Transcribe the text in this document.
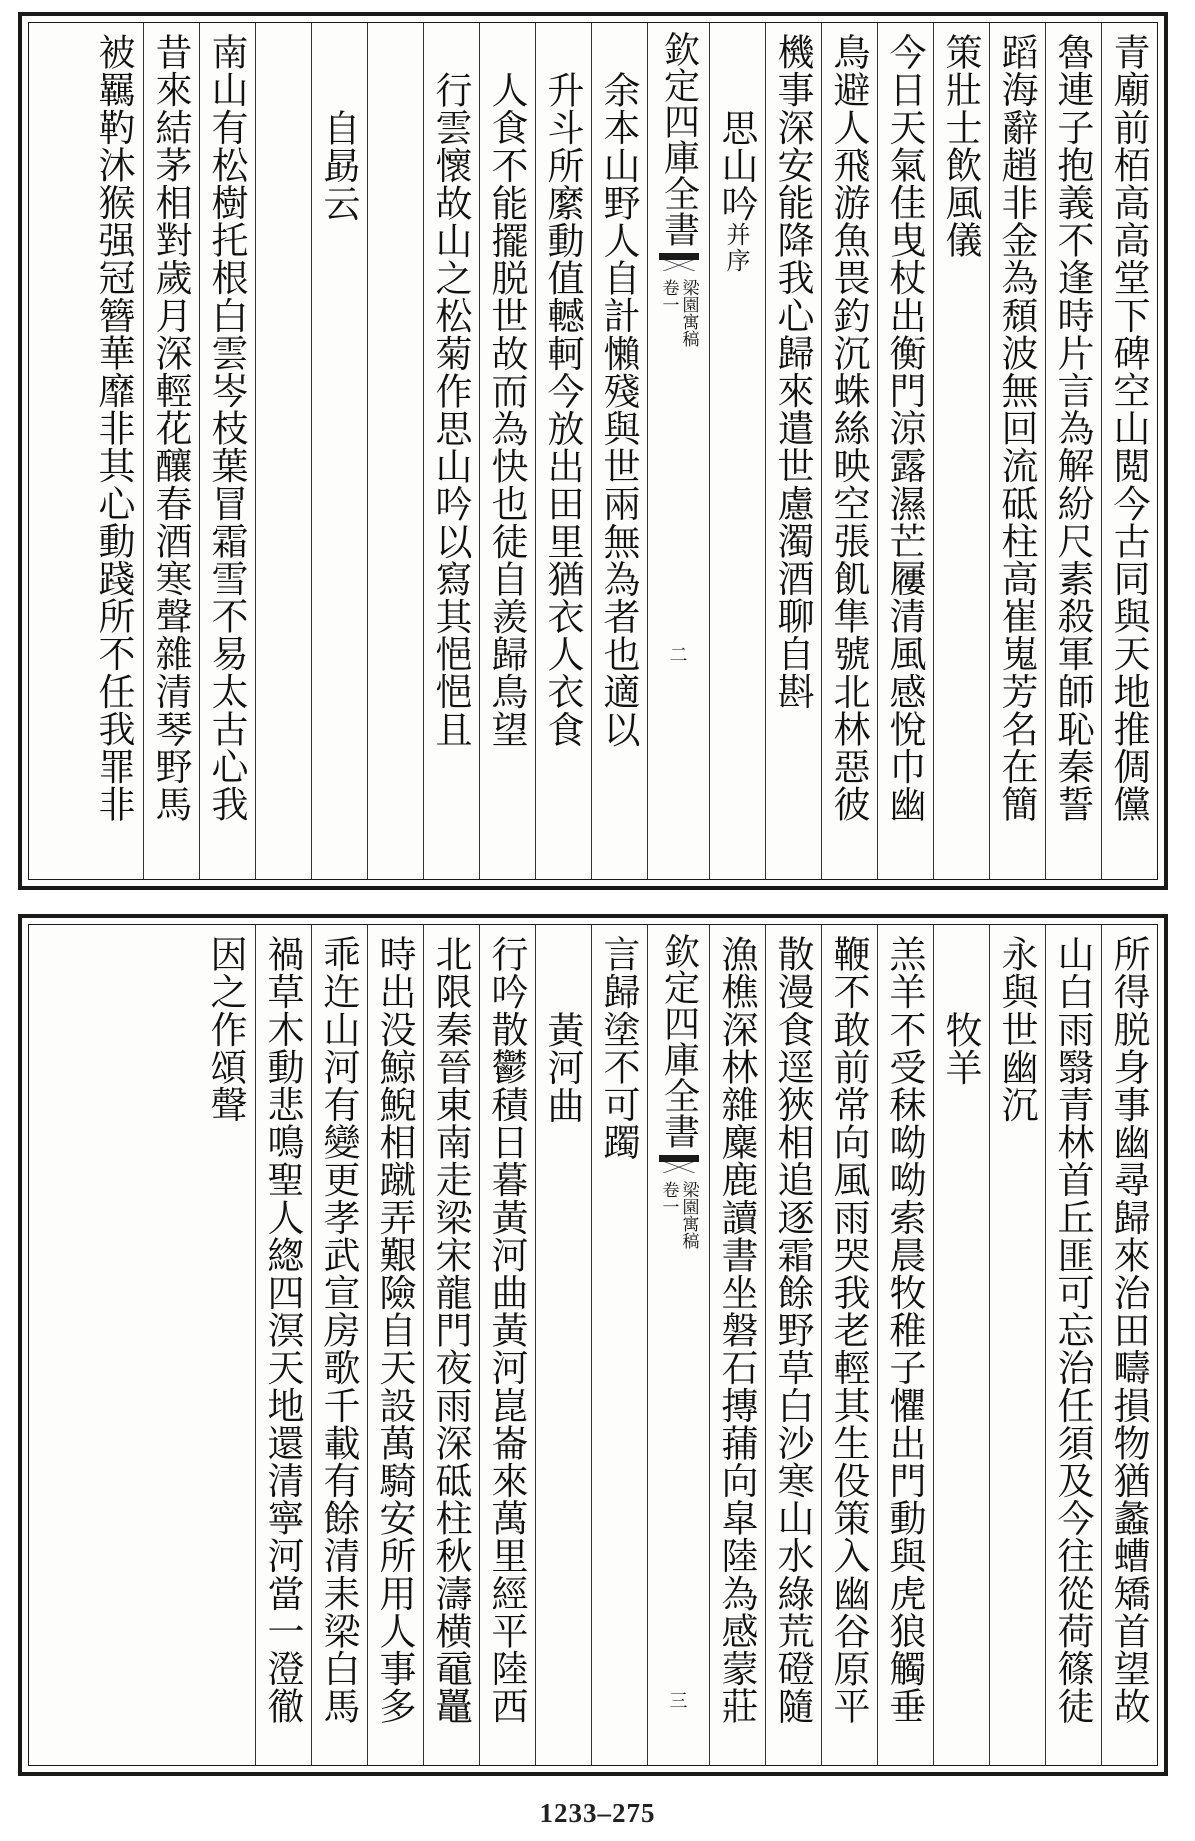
青廟前栢高高堂下碑空山閲今古同與天地推倜儻
魯連子抱義不逢時片言為解紛尺素殺軍師恥秦誓
蹈海辭趙非金為頹波無回流砥柱高崔嵬芳名在簡
策壯士飲風儀
今日天氣佳曳杖出衡門涼露濕芒屨清風感悅巾幽
鳥避人飛游魚畏釣沉蛛絲映空張飢隼號北林惡彼
機事深安能降我心歸來遣世慮濁酒聊自斟
思山吟并序
欽定四庫全書
梁園寓稿
卷一
二
余本山野人自計懶殘與世兩無為者也適以
升斗所縻動值轗軻今放出田里猶衣人衣食
人食不能擺脱世故而為快也徒自羨歸鳥望
行雲懷故山之松菊作思山吟以寫其悒悒且
自勗云
南山有松樹托根白雲岑枝葉冒霜雪不易太古心我
昔來結茅相對歲月深輕花釀春酒寒聲雜清琴野馬
被羈靮沐猴强冠簪華靡非其心動踐所不任我罪非
所得脱身事幽尋歸來治田疇損物猶蠡螬矯首望故
山白雨翳青林首丘匪可忘治任須及今往從荷篠徒
永與世幽沉
牧羊
羔羊不受秣呦呦索晨牧稚子懼出門動與虎狼觸垂
鞭不敢前常向風雨哭我老輕其生伇策入幽谷原平
散漫食逕狹相追逐霜餘野草白沙寒山水綠荒磴隨
漁樵深林雜麋鹿讀書坐磐石摶蒱向皐陸為感蒙莊
欽定四庫全書
梁園寓稿
卷一
三
言歸塗不可躅
黃河曲
行吟散鬱積日暮黃河曲黃河崑崙來萬里經平陸西
北限秦晉東南走梁宋龍門夜雨深砥柱秋濤横黿鼉
時出没鯨鯢相蹴弄艱險自天設萬騎安所用人事多
乖迕山河有變更孝武宣房歌千載有餘清耒梁白馬
禍草木動悲鳴聖人緫四溟天地還清寧河當一澄徹
因之作頌聲
1233–275
